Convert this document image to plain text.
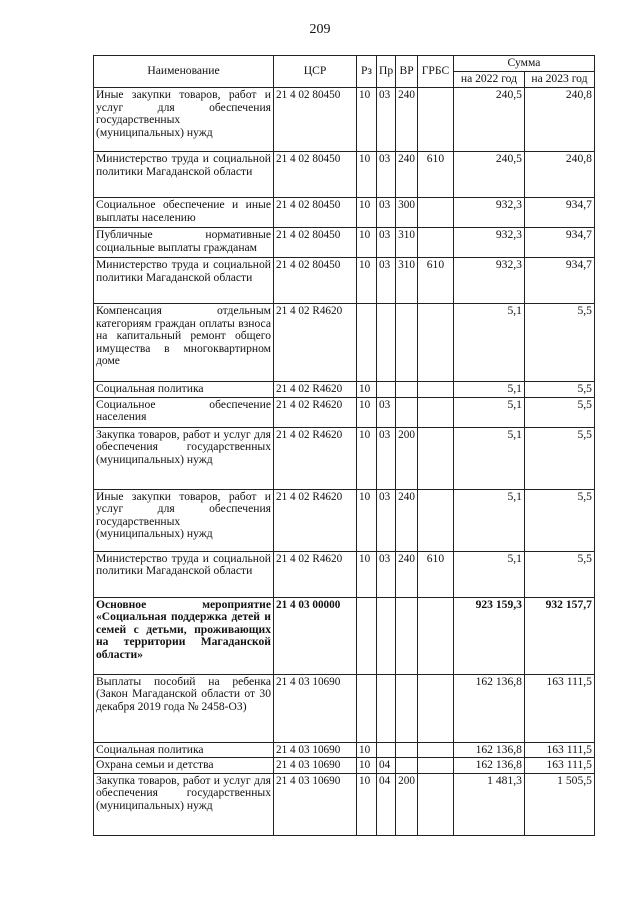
209
Наименование	ЦСР	Рз	Пр	ВР	ГРБС	Сумма	
						на 2022 год	на 2023 год
Иные закупки товаров, работ и услуг для обеспечения государственных (муниципальных) нужд	21 4 02 80450	10	03	240		240,5	240,8
Министерство труда и социальной политики Магаданской области	21 4 02 80450	10	03	240	610	240,5	240,8
Социальное обеспечение и иные выплаты населению	21 4 02 80450	10	03	300		932,3	934,7
Публичные нормативные социальные выплаты гражданам	21 4 02 80450	10	03	310		932,3	934,7
Министерство труда и социальной политики Магаданской области	21 4 02 80450	10	03	310	610	932,3	934,7
Компенсация отдельным категориям граждан оплаты взноса на капитальный ремонт общего имущества в многоквартирном доме	21 4 02 R4620					5,1	5,5
Социальная политика	21 4 02 R4620	10				5,1	5,5
Социальное обеспечение населения	21 4 02 R4620	10	03			5,1	5,5
Закупка товаров, работ и услуг для обеспечения государственных (муниципальных) нужд	21 4 02 R4620	10	03	200		5,1	5,5
Иные закупки товаров, работ и услуг для обеспечения государственных (муниципальных) нужд	21 4 02 R4620	10	03	240		5,1	5,5
Министерство труда и социальной политики Магаданской области	21 4 02 R4620	10	03	240	610	5,1	5,5
Основное мероприятие «Социальная поддержка детей и семей с детьми, проживающих на территории Магаданской области»	21 4 03 00000					923 159,3	932 157,7
Выплаты пособий на ребенка (Закон Магаданской области от 30 декабря 2019 года № 2458-ОЗ)	21 4 03 10690					162 136,8	163 111,5
Социальная политика	21 4 03 10690	10				162 136,8	163 111,5
Охрана семьи и детства	21 4 03 10690	10	04			162 136,8	163 111,5
Закупка товаров, работ и услуг для обеспечения государственных (муниципальных) нужд	21 4 03 10690	10	04	200		1 481,3	1 505,5
